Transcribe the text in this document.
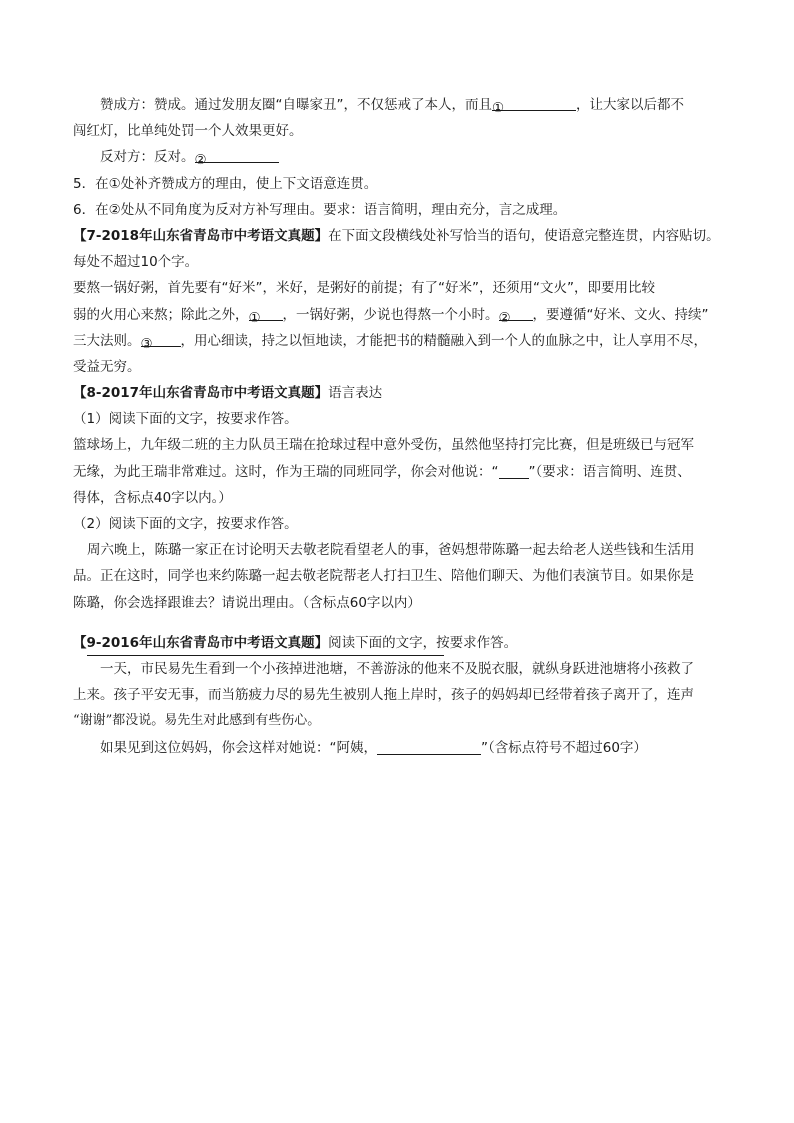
赞成方：赞成。通过发朋友圈“自曝家丑”，不仅惩戒了本人，而且①	，让大家以后都不
闯红灯，比单纯处罚一个人效果更好。
反对方：反对。②
5．在①处补齐赞成方的理由，使上下文语意连贯。
6．在②处从不同角度为反对方补写理由。要求：语言简明，理由充分，言之成理。
【7-2018年山东省青岛市中考语文真题】在下面文段横线处补写恰当的语句，使语意完整连贯，内容贴切。
每处不超过10个字。
要熬一锅好粥，首先要有“好米”，米好，是粥好的前提；有了“好米”，还须用“文火”，即要用比较
弱的火用心来熬；除此之外，① ，一锅好粥，少说也得熬一个小时。② ，要遵循“好米、文火、持续”
三大法则。③ ，用心细读，持之以恒地读，才能把书的精髓融入到一个人的血脉之中，让人享用不尽，
受益无穷。
【8-2017年山东省青岛市中考语文真题】语言表达
（1）阅读下面的文字，按要求作答。
篮球场上，九年级二班的主力队员王瑞在抢球过程中意外受伤，虽然他坚持打完比赛，但是班级已与冠军
无缘，为此王瑞非常难过。这时，作为王瑞的同班同学，你会对他说：“ ”（要求：语言简明、连贯、
得体，含标点40字以内。）
（2）阅读下面的文字，按要求作答。
周六晚上，陈璐一家正在讨论明天去敬老院看望老人的事，爸妈想带陈璐一起去给老人送些钱和生活用
品。正在这时，同学也来约陈璐一起去敬老院帮老人打扫卫生、陪他们聊天、为他们表演节目。如果你是
陈璐，你会选择跟谁去？请说出理由。（含标点60字以内）
【9-2016年山东省青岛市中考语文真题】阅读下面的文字，按要求作答。
一天，市民易先生看到一个小孩掉进池塘，不善游泳的他来不及脱衣服，就纵身跃进池塘将小孩救了
上来。孩子平安无事，而当筋疲力尽的易先生被别人拖上岸时，孩子的妈妈却已经带着孩子离开了，连声
“谢谢”都没说。易先生对此感到有些伤心。
如果见到这位妈妈，你会这样对她说：“阿姨，	”（含标点符号不超过60字）
